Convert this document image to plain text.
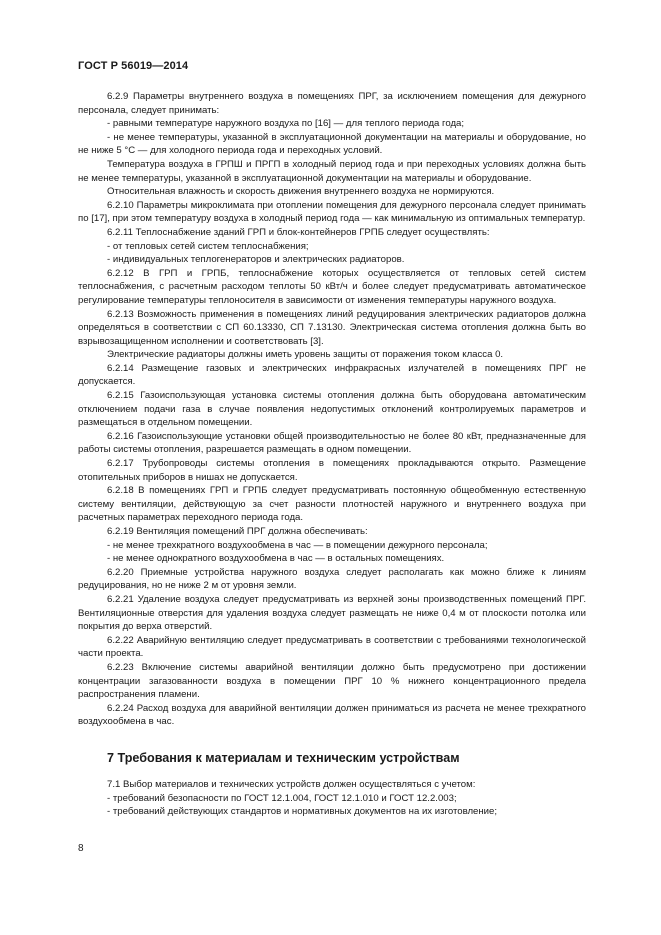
ГОСТ Р 56019—2014

6.2.9 Параметры внутреннего воздуха в помещениях ПРГ, за исключением помещения для дежурного персонала, следует принимать:

- равными температуре наружного воздуха по [16] — для теплого периода года;

- не менее температуры, указанной в эксплуатационной документации на материалы и оборудование, но не ниже 5 °С — для холодного периода года и переходных условий.

Температура воздуха в ГРПШ и ПРГП в холодный период года и при переходных условиях должна быть не менее температуры, указанной в эксплуатационной документации на материалы и оборудование.

Относительная влажность и скорость движения внутреннего воздуха не нормируются.

6.2.10 Параметры микроклимата при отоплении помещения для дежурного персонала следует принимать по [17], при этом температуру воздуха в холодный период года — как минимальную из оптимальных температур.

6.2.11 Теплоснабжение зданий ГРП и блок-контейнеров ГРПБ следует осуществлять:

- от тепловых сетей систем теплоснабжения;

- индивидуальных теплогенераторов и электрических радиаторов.

6.2.12 В ГРП и ГРПБ, теплоснабжение которых осуществляется от тепловых сетей систем теплоснабжения, с расчетным расходом теплоты 50 кВт/ч и более следует предусматривать автоматическое регулирование температуры теплоносителя в зависимости от изменения температуры наружного воздуха.

6.2.13 Возможность применения в помещениях линий редуцирования электрических радиаторов должна определяться в соответствии с СП 60.13330, СП 7.13130. Электрическая система отопления должна быть во взрывозащищенном исполнении и соответствовать [3].

Электрические радиаторы должны иметь уровень защиты от поражения током класса 0.

6.2.14 Размещение газовых и электрических инфракрасных излучателей в помещениях ПРГ не допускается.

6.2.15 Газоиспользующая установка системы отопления должна быть оборудована автоматическим отключением подачи газа в случае появления недопустимых отклонений контролируемых параметров и размещаться в отдельном помещении.

6.2.16 Газоиспользующие установки общей производительностью не более 80 кВт, предназначенные для работы системы отопления, разрешается размещать в одном помещении.

6.2.17 Трубопроводы системы отопления в помещениях прокладываются открыто. Размещение отопительных приборов в нишах не допускается.

6.2.18 В помещениях ГРП и ГРПБ следует предусматривать постоянную общеобменную естественную систему вентиляции, действующую за счет разности плотностей наружного и внутреннего воздуха при расчетных параметрах переходного периода года.

6.2.19 Вентиляция помещений ПРГ должна обеспечивать:

- не менее трехкратного воздухообмена в час — в помещении дежурного персонала;

- не менее однократного воздухообмена в час — в остальных помещениях.

6.2.20 Приемные устройства наружного воздуха следует располагать как можно ближе к линиям редуцирования, но не ниже 2 м от уровня земли.

6.2.21 Удаление воздуха следует предусматривать из верхней зоны производственных помещений ПРГ. Вентиляционные отверстия для удаления воздуха следует размещать не ниже 0,4 м от плоскости потолка или покрытия до верха отверстий.

6.2.22 Аварийную вентиляцию следует предусматривать в соответствии с требованиями технологической части проекта.

6.2.23 Включение системы аварийной вентиляции должно быть предусмотрено при достижении концентрации загазованности воздуха в помещении ПРГ 10 % нижнего концентрационного предела распространения пламени.

6.2.24 Расход воздуха для аварийной вентиляции должен приниматься из расчета не менее трехкратного воздухообмена в час.

7 Требования к материалам и техническим устройствам

7.1 Выбор материалов и технических устройств должен осуществляться с учетом:

- требований безопасности по ГОСТ 12.1.004, ГОСТ 12.1.010 и ГОСТ 12.2.003;

- требований действующих стандартов и нормативных документов на их изготовление;

8
